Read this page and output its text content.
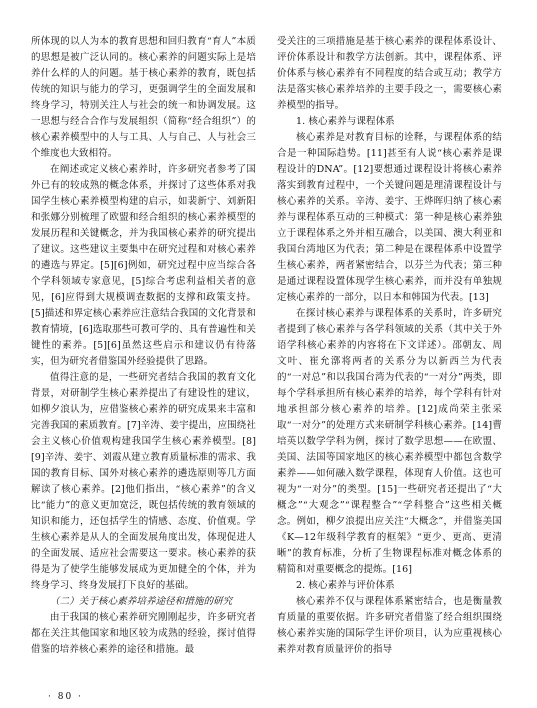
所体现的以人为本的教育思想和回归教育“育人”本质的思想是被广泛认同的。核心素养的问题实际上是培养什么样的人的问题。基于核心素养的教育，既包括传统的知识与能力的学习，更强调学生的全面发展和终身学习，特别关注人与社会的统一和协调发展。这一思想与经合合作与发展组织（简称“经合组织”）的核心素养模型中的人与工具、人与自己、人与社会三个维度也大致相符。

在阐述或定义核心素养时，许多研究者参考了国外已有的较成熟的概念体系，并探讨了这些体系对我国学生核心素养模型构建的启示，如裴新宁、刘新阳和张娜分别梳理了欧盟和经合组织的核心素养模型的发展历程和关键概念，并为我国核心素养的研究提出了建议。这些建议主要集中在研究过程和对核心素养的遴选与界定。[5][6]例如，研究过程中应当综合各个学科领域专家意见，[5]综合考虑利益相关者的意见，[6]应得到大规模调查数据的支撑和政策支持。[5]描述和界定核心素养应注意结合我国的文化背景和教育情境，[6]选取那些可教可学的、具有普遍性和关键性的素养。[5][6]虽然这些启示和建议仍有待落实，但为研究者借鉴国外经验提供了思路。

值得注意的是，一些研究者结合我国的教育文化背景，对研制学生核心素养提出了有建设性的建议，如柳夕浪认为，应借鉴核心素养的研究成果来丰富和完善我国的素质教育。[7]辛涛、姜宇提出，应围绕社会主义核心价值观构建我国学生核心素养模型。[8][9]辛涛、姜宇、刘霞从建立教育质量标准的需求、我国的教育目标、国外对核心素养的遴选原则等几方面解读了核心素养。[2]他们指出，“核心素养”的含义比“能力”的意义更加宽泛，既包括传统的教育领域的知识和能力，还包括学生的情感、态度、价值观。学生核心素养是从人的全面发展角度出发，体现促进人的全面发展、适应社会需要这一要求。核心素养的获得是为了使学生能够发展成为更加健全的个体，并为终身学习、终身发展打下良好的基础。

（二）关于核心素养培养途径和措施的研究

由于我国的核心素养研究刚刚起步，许多研究者都在关注其他国家和地区较为成熟的经验，探讨值得借鉴的培养核心素养的途径和措施。最

受关注的三项措施是基于核心素养的课程体系设计、评价体系设计和教学方法创新。其中，课程体系、评价体系与核心素养有不同程度的结合或互动；教学方法是落实核心素养培养的主要手段之一，需要核心素养模型的指导。

1. 核心素养与课程体系

核心素养是对教育目标的诠释，与课程体系的结合是一种国际趋势。[11]甚至有人说“核心素养是课程设计的DNA”。[12]要想通过课程设计将核心素养落实到教育过程中，一个关键问题是理清课程设计与核心素养的关系。辛涛、姜宇、王烨晖归纳了核心素养与课程体系互动的三种模式：第一种是核心素养独立于课程体系之外并相互融合，以美国、澳大利亚和我国台湾地区为代表；第二种是在课程体系中设置学生核心素养，两者紧密结合，以芬兰为代表；第三种是通过课程设置体现学生核心素养，而并没有单独规定核心素养的一部分，以日本和韩国为代表。[13]

在探讨核心素养与课程体系的关系时，许多研究者提到了核心素养与各学科领域的关系（其中关于外语学科核心素养的内容将在下文详述）。邵朝友、周文叶、崔允漷将两者的关系分为以新西兰为代表的“一对总”和以我国台湾为代表的“一对分”两类，即每个学科承担所有核心素养的培养，每个学科有针对地承担部分核心素养的培养。[12]成尚荣主张采取“一对分”的处理方式来研制学科核心素养。[14]曹培英以数学学科为例，探讨了数学思想——在欧盟、美国、法国等国家地区的核心素养模型中都包含数学素养——如何融入数学课程，体现育人价值。这也可视为“一对分”的类型。[15]一些研究者还提出了“大概念”“大观念”“课程整合”“学科整合”这些相关概念。例如，柳夕浪提出应关注“大概念”，并借鉴美国《K—12年级科学教育的框架》“更少、更高、更清晰”的教育标准，分析了生物课程标准对概念体系的精简和对重要概念的提炼。[16]

2. 核心素养与评价体系

核心素养不仅与课程体系紧密结合，也是衡量教育质量的重要依据。许多研究者借鉴了经合组织围绕核心素养实施的国际学生评价项目，认为应重视核心素养对教育质量评价的指导

· 80 ·
